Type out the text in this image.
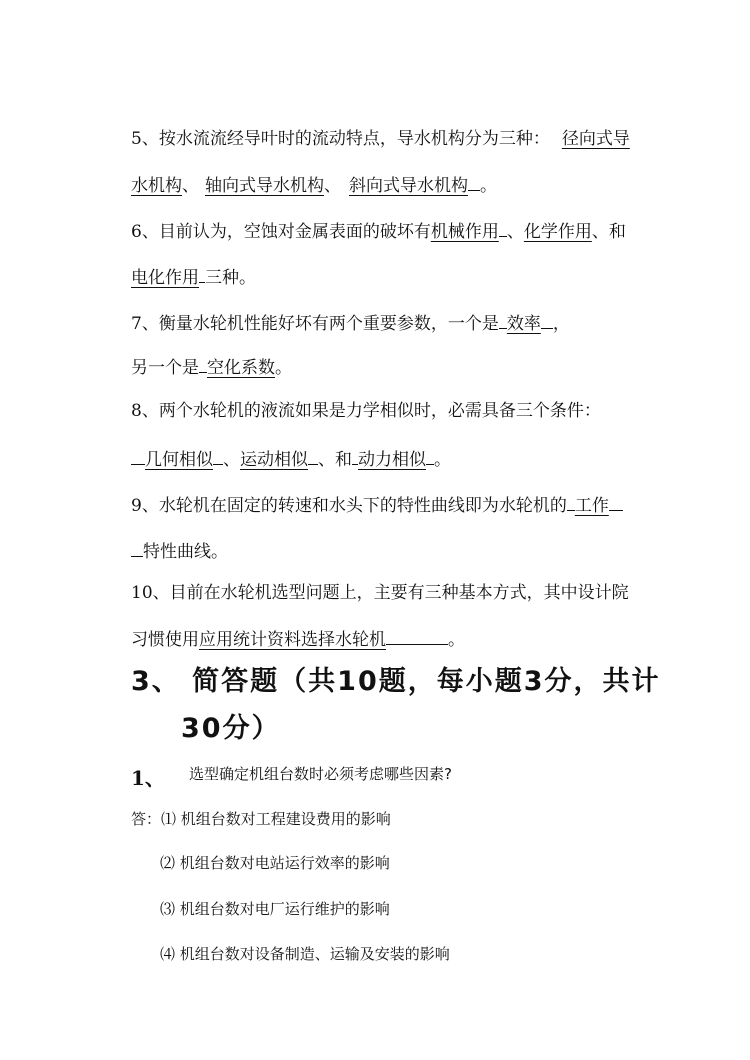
5、按水流流经导叶时的流动特点，导水机构分为三种： 径向式导
水机构、 轴向式导水机构、 斜向式导水机构 。
6、目前认为，空蚀对金属表面的破坏有机械作用 、化学作用、和
电化作用 三种。
7、衡量水轮机性能好坏有两个重要参数，一个是 效率 ，
另一个是 空化系数。
8、两个水轮机的液流如果是力学相似时，必需具备三个条件：
几何相似 、运动相似 、和 动力相似 。
9、水轮机在固定的转速和水头下的特性曲线即为水轮机的 工作
特性曲线。
10、目前在水轮机选型问题上，主要有三种基本方式，其中设计院
习惯使用应用统计资料选择水轮机	。
3、 简答题（共10题，每小题3分，共计
30分）
1、 选型确定机组台数时必须考虑哪些因素?
答：⑴ 机组台数对工程建设费用的影响
⑵ 机组台数对电站运行效率的影响
⑶ 机组台数对电厂运行维护的影响
⑷ 机组台数对设备制造、运输及安装的影响
